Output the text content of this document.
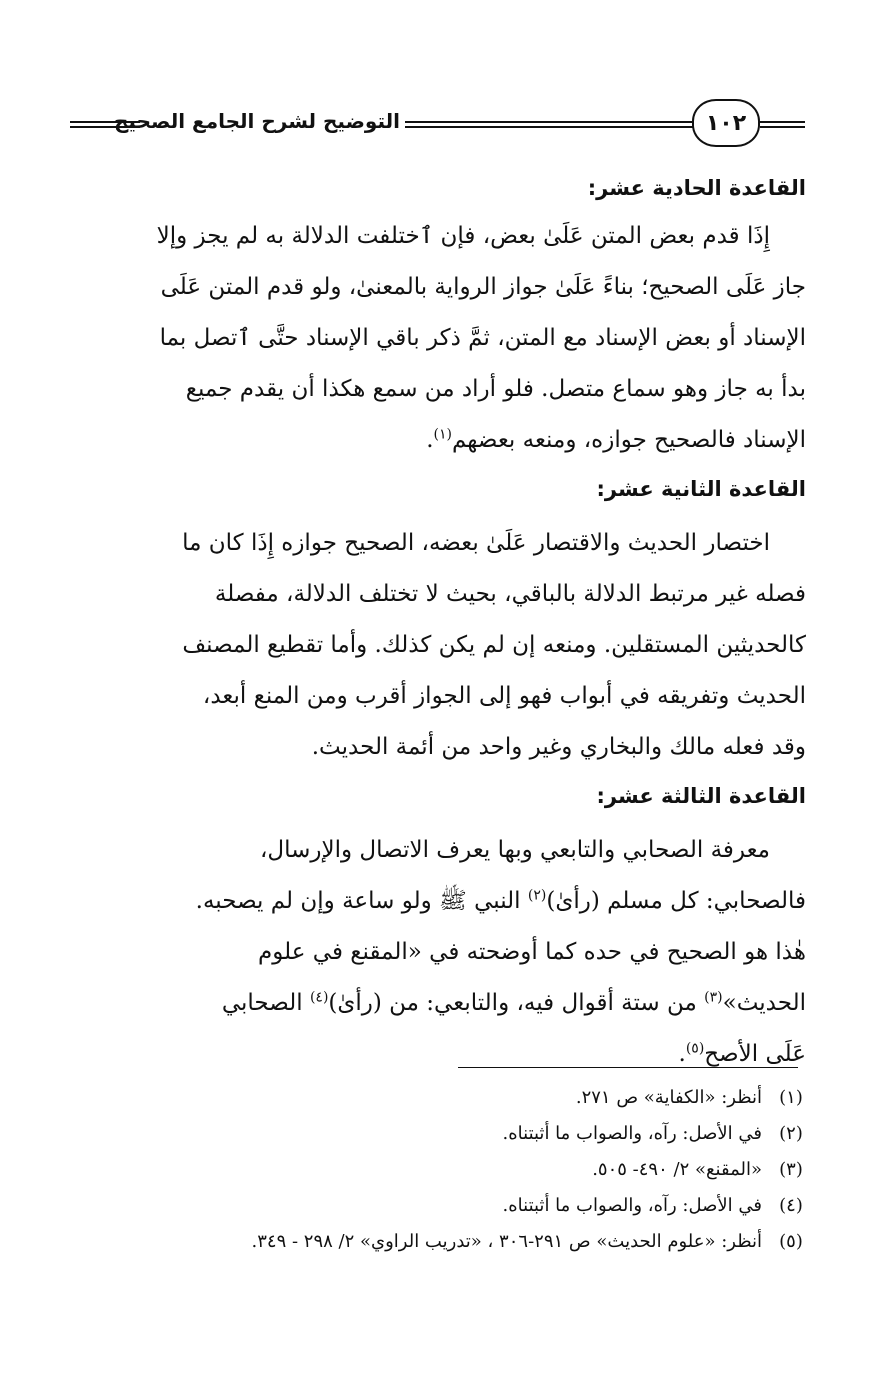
التوضيح لشرح الجامع الصحيح	١٠٢

القاعدة الحادية عشر:

إِذَا قدم بعض المتن عَلَىٰ بعض، فإن ٱختلفت الدلالة به لم يجز وإلا

جاز عَلَى الصحيح؛ بناءً عَلَىٰ جواز الرواية بالمعنىٰ، ولو قدم المتن عَلَى

الإسناد أو بعض الإسناد مع المتن، ثمَّ ذكر باقي الإسناد حتَّى ٱتصل بما

بدأ به جاز وهو سماع متصل. فلو أراد من سمع هكذا أن يقدم جميع

الإسناد فالصحيح جوازه، ومنعه بعضهم$^{(١)}$.

القاعدة الثانية عشر:

اختصار الحديث والاقتصار عَلَىٰ بعضه، الصحيح جوازه إِذَا كان ما

فصله غير مرتبط الدلالة بالباقي، بحيث لا تختلف الدلالة، مفصلة

كالحديثين المستقلين. ومنعه إن لم يكن كذلك. وأما تقطيع المصنف

الحديث وتفريقه في أبواب فهو إلى الجواز أقرب ومن المنع أبعد،

وقد فعله مالك والبخاري وغير واحد من أئمة الحديث.

القاعدة الثالثة عشر:

معرفة الصحابي والتابعي وبها يعرف الاتصال والإرسال،

فالصحابي: كل مسلم (رأىٰ)$^{(٢)}$ النبي ﷺ ولو ساعة وإن لم يصحبه.

هٰذا هو الصحيح في حده كما أوضحته في «المقنع في علوم

الحديث»$^{(٣)}$ من ستة أقوال فيه، والتابعي: من (رأىٰ)$^{(٤)}$ الصحابي

عَلَى الأصح$^{(٥)}$.

(١)
أنظر: «الكفاية» ص ٢٧١.
(٢)
في الأصل: رآه، والصواب ما أثبتناه.
(٣)
«المقنع» ٢/ ٤٩٠- ٥٠٥.
(٤)
في الأصل: رآه، والصواب ما أثبتناه.
(٥)
أنظر: «علوم الحديث» ص ٢٩١-٣٠٦ ، «تدريب الراوي» ٢/ ٢٩٨ - ٣٤٩.
